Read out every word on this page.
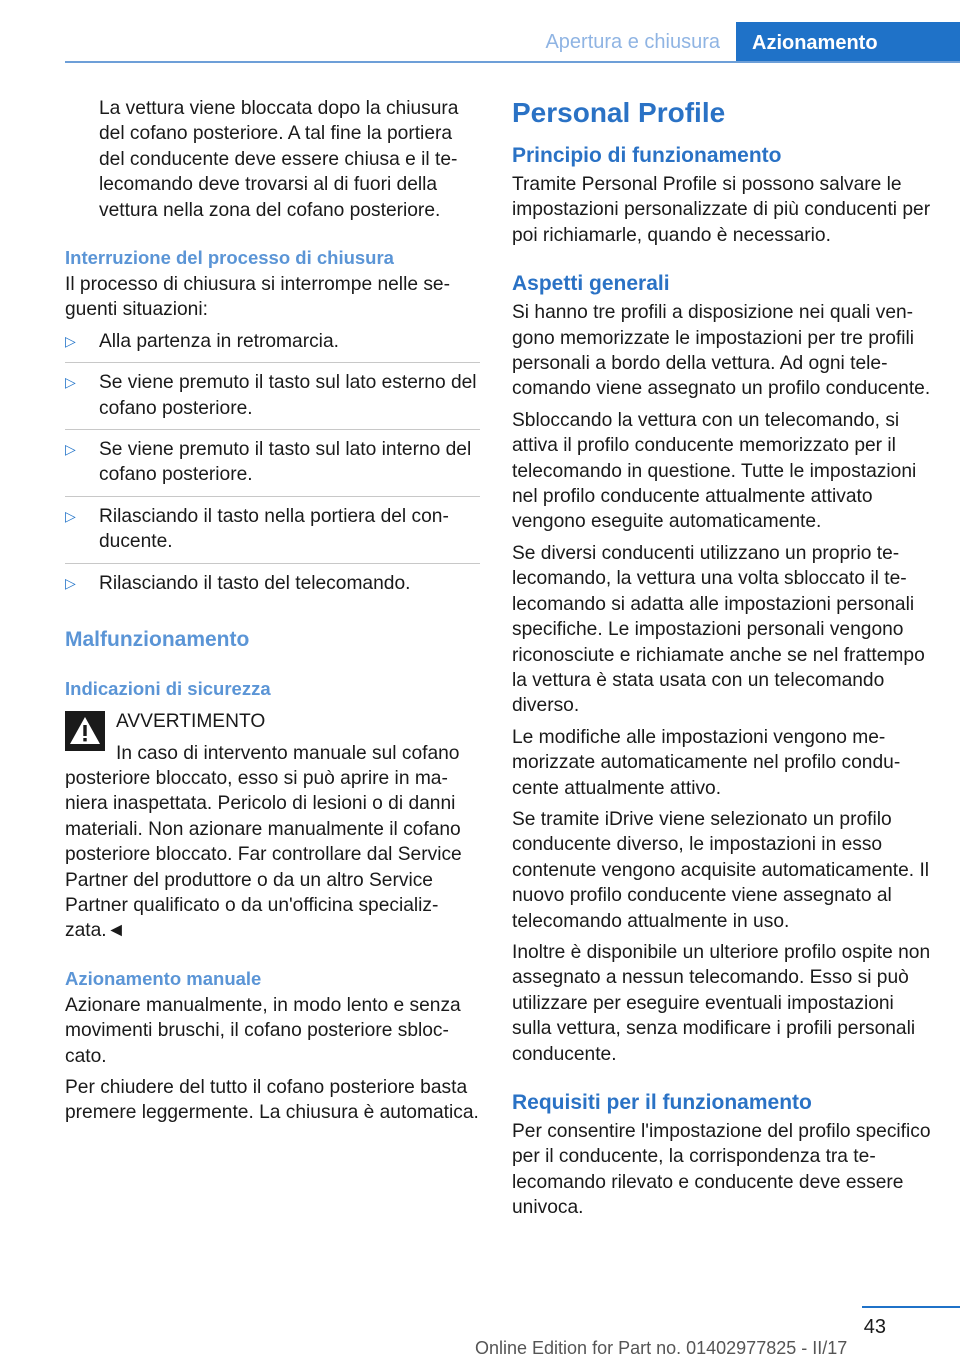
Apertura e chiusura	Azionamento

La vettura viene bloccata dopo la chiusura del cofano posteriore. A tal fine la portiera del conducente deve essere chiusa e il telecomando deve trovarsi al di fuori della vettura nella zona del cofano posteriore.

Interruzione del processo di chiusura

Il processo di chiusura si interrompe nelle seguenti situazioni:

▷ Alla partenza in retromarcia.
▷ Se viene premuto il tasto sul lato esterno del cofano posteriore.
▷ Se viene premuto il tasto sul lato interno del cofano posteriore.
▷ Rilasciando il tasto nella portiera del conducente.
▷ Rilasciando il tasto del telecomando.
Malfunzionamento
Indicazioni di sicurezza
AVVERTIMENTO

In caso di intervento manuale sul cofano posteriore bloccato, esso si può aprire in maniera inaspettata. Pericolo di lesioni o di danni materiali. Non azionare manualmente il cofano posteriore bloccato. Far controllare dal Service Partner del produttore o da un altro Service Partner qualificato o da un'officina specializzata.◄

Azionamento manuale

Azionare manualmente, in modo lento e senza movimenti bruschi, il cofano posteriore sbloccato.

Per chiudere del tutto il cofano posteriore basta premere leggermente. La chiusura è automatica.

Personal Profile
Principio di funzionamento

Tramite Personal Profile si possono salvare le impostazioni personalizzate di più conducenti per poi richiamarle, quando è necessario.

Aspetti generali

Si hanno tre profili a disposizione nei quali vengono memorizzate le impostazioni per tre profili personali a bordo della vettura. Ad ogni telecomando viene assegnato un profilo conducente.

Sbloccando la vettura con un telecomando, si attiva il profilo conducente memorizzato per il telecomando in questione. Tutte le impostazioni nel profilo conducente attualmente attivato vengono eseguite automaticamente.

Se diversi conducenti utilizzano un proprio telecomando, la vettura una volta sbloccato il telecomando si adatta alle impostazioni personali specifiche. Le impostazioni personali vengono riconosciute e richiamate anche se nel frattempo la vettura è stata usata con un telecomando diverso.

Le modifiche alle impostazioni vengono memorizzate automaticamente nel profilo conducente attualmente attivo.

Se tramite iDrive viene selezionato un profilo conducente diverso, le impostazioni in esso contenute vengono acquisite automaticamente. Il nuovo profilo conducente viene assegnato al telecomando attualmente in uso.

Inoltre è disponibile un ulteriore profilo ospite non assegnato a nessun telecomando. Esso si può utilizzare per eseguire eventuali impostazioni sulla vettura, senza modificare i profili personali conducente.

Requisiti per il funzionamento

Per consentire l'impostazione del profilo specifico per il conducente, la corrispondenza tra telecomando rilevato e conducente deve essere univoca.

43
Online Edition for Part no. 01402977825 - II/17
